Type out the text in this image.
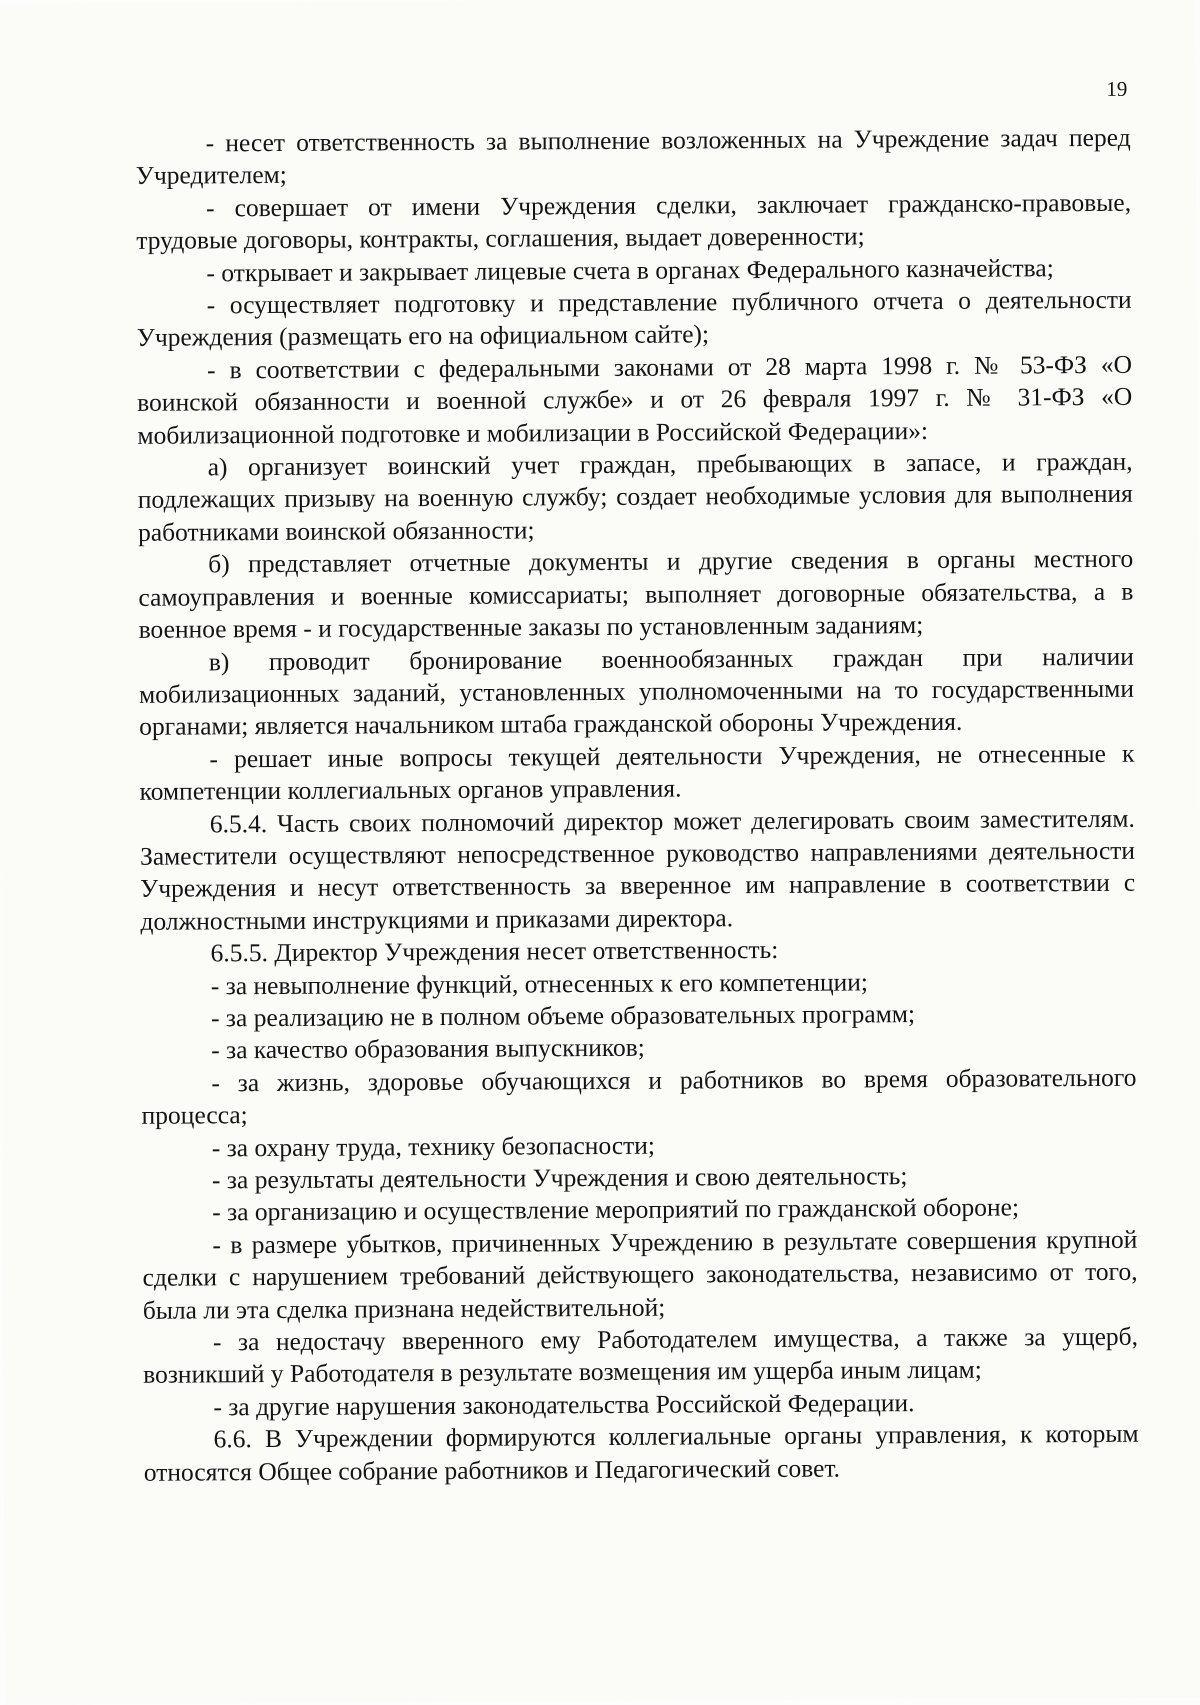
19

- несет ответственность за выполнение возложенных на Учреждение задач перед Учредителем;

- совершает от имени Учреждения сделки, заключает гражданско-правовые, трудовые договоры, контракты, соглашения, выдает доверенности;

- открывает и закрывает лицевые счета в органах Федерального казначейства;

- осуществляет подготовку и представление публичного отчета о деятельности Учреждения (размещать его на официальном сайте);

- в соответствии с федеральными законами от 28 марта 1998 г. № 53-ФЗ «О воинской обязанности и военной службе» и от 26 февраля 1997 г. № 31-ФЗ «О мобилизационной подготовке и мобилизации в Российской Федерации»:

а) организует воинский учет граждан, пребывающих в запасе, и граждан, подлежащих призыву на военную службу; создает необходимые условия для выполнения работниками воинской обязанности;

б) представляет отчетные документы и другие сведения в органы местного самоуправления и военные комиссариаты; выполняет договорные обязательства, а в военное время - и государственные заказы по установленным заданиям;

в) проводит бронирование военнообязанных граждан при наличии мобилизационных заданий, установленных уполномоченными на то государственными органами; является начальником штаба гражданской обороны Учреждения.

- решает иные вопросы текущей деятельности Учреждения, не отнесенные к компетенции коллегиальных органов управления.

6.5.4. Часть своих полномочий директор может делегировать своим заместителям. Заместители осуществляют непосредственное руководство направлениями деятельности Учреждения и несут ответственность за вверенное им направление в соответствии с должностными инструкциями и приказами директора.

6.5.5. Директор Учреждения несет ответственность:

- за невыполнение функций, отнесенных к его компетенции;

- за реализацию не в полном объеме образовательных программ;

- за качество образования выпускников;

- за жизнь, здоровье обучающихся и работников во время образовательного процесса;

- за охрану труда, технику безопасности;

- за результаты деятельности Учреждения и свою деятельность;

- за организацию и осуществление мероприятий по гражданской обороне;

- в размере убытков, причиненных Учреждению в результате совершения крупной сделки с нарушением требований действующего законодательства, независимо от того, была ли эта сделка признана недействительной;

- за недостачу вверенного ему Работодателем имущества, а также за ущерб, возникший у Работодателя в результате возмещения им ущерба иным лицам;

- за другие нарушения законодательства Российской Федерации.

6.6. В Учреждении формируются коллегиальные органы управления, к которым относятся Общее собрание работников и Педагогический совет.
